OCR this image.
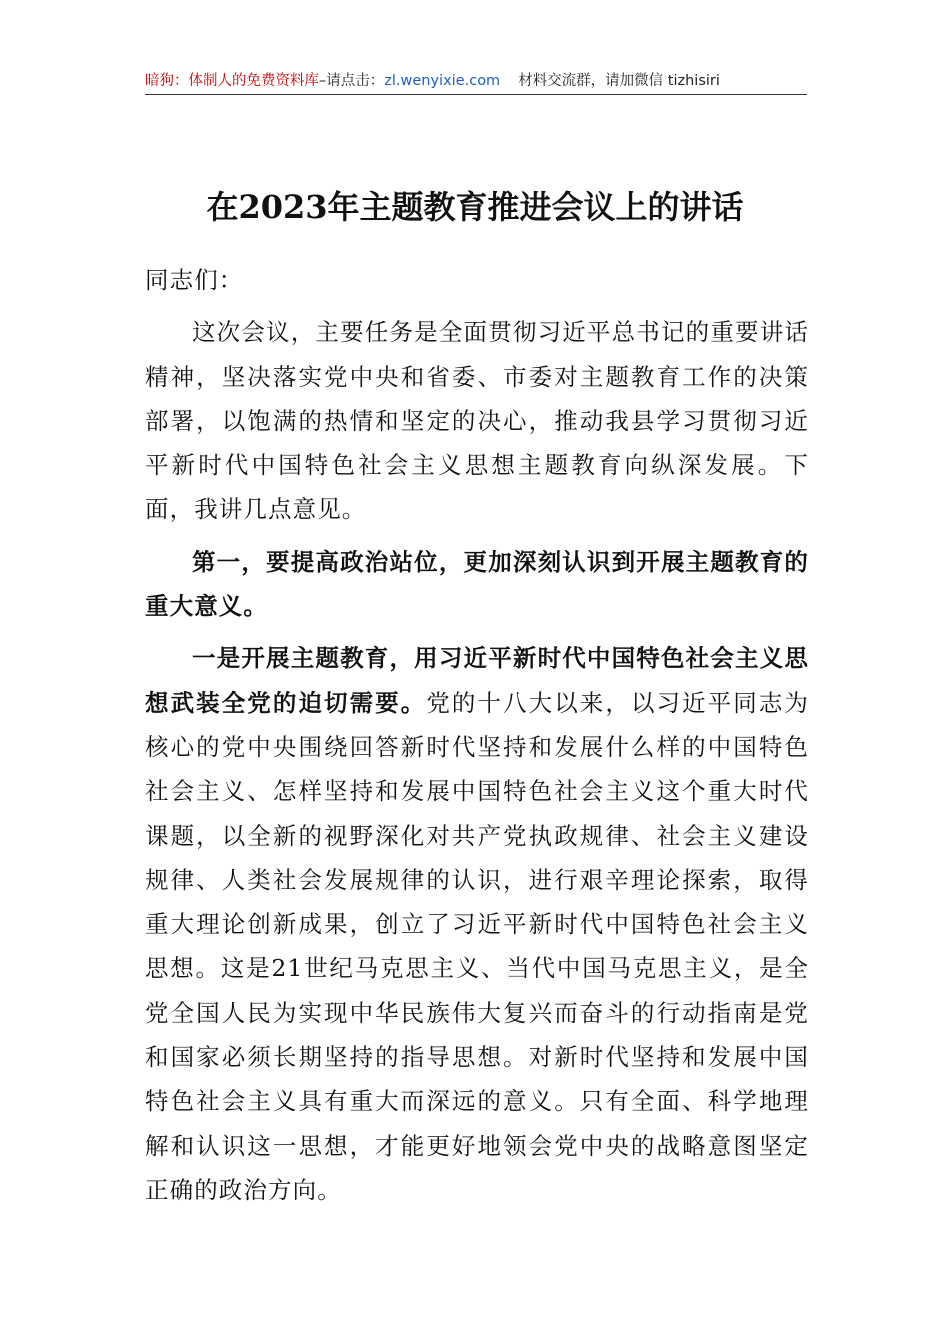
暗狗：体制人的免费资料库–请点击：zl.wenyixie.com 材料交流群，请加微信 tizhisiri
在2023年主题教育推进会议上的讲话

同志们：

这次会议，主要任务是全面贯彻习近平总书记的重要讲话精神，坚决落实党中央和省委、市委对主题教育工作的决策部署，以饱满的热情和坚定的决心，推动我县学习贯彻习近平新时代中国特色社会主义思想主题教育向纵深发展。下面，我讲几点意见。

第一，要提高政治站位，更加深刻认识到开展主题教育的重大意义。

一是开展主题教育，用习近平新时代中国特色社会主义思想武装全党的迫切需要。党的十八大以来，以习近平同志为核心的党中央围绕回答新时代坚持和发展什么样的中国特色社会主义、怎样坚持和发展中国特色社会主义这个重大时代课题，以全新的视野深化对共产党执政规律、社会主义建设规律、人类社会发展规律的认识，进行艰辛理论探索，取得重大理论创新成果，创立了习近平新时代中国特色社会主义思想。这是21世纪马克思主义、当代中国马克思主义，是全党全国人民为实现中华民族伟大复兴而奋斗的行动指南是党和国家必须长期坚持的指导思想。对新时代坚持和发展中国特色社会主义具有重大而深远的意义。只有全面、科学地理解和认识这一思想，才能更好地领会党中央的战略意图坚定正确的政治方向。
